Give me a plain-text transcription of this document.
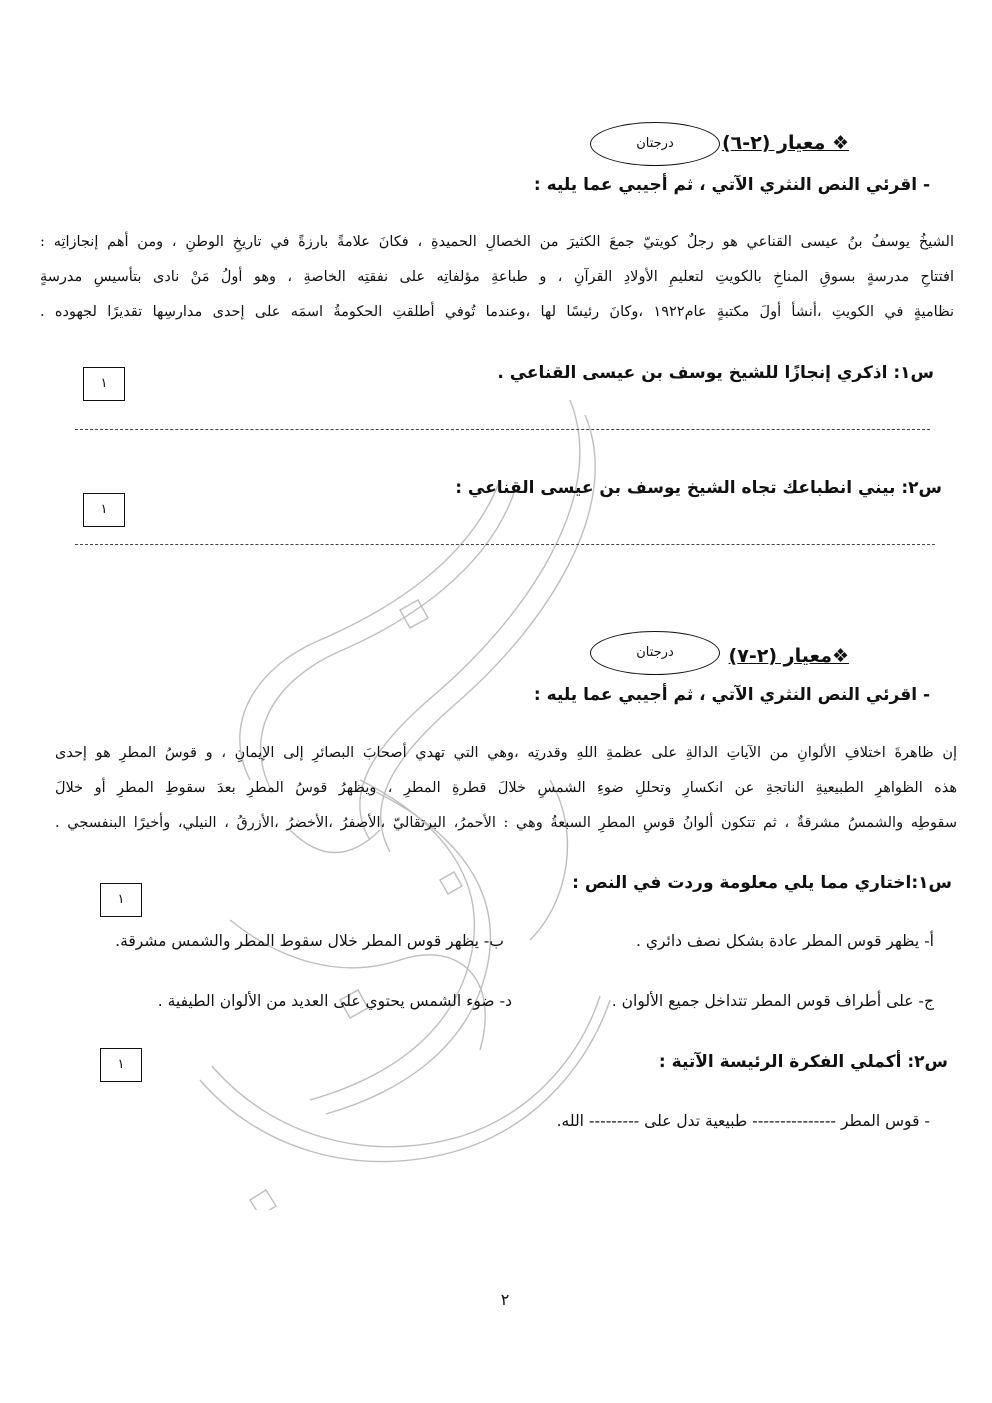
درجتان	❖ معيار (٢-٦)
- اقرئي النص النثري الآتي ، ثم أجيبي عما يليه :
الشيخُ يوسفُ بنُ عيسى القناعي هو رجلٌ كويتيّ جمعَ الكثيرَ من الخصالِ الحميدةِ ، فكانَ علامةً بارزةً في تاريخِ الوطنِ ، ومن أهم إنجازاتِه :
افتتاحِ مدرسةٍ بسوقِ المناخِ بالكويتِ لتعليمِ الأولادِ القرآنِ ، و طباعةِ مؤلفاتِه على نفقتِه الخاصةِ ، وهو أولُ مَنْ نادى بتأسيسِ مدرسةٍ
نظاميةٍ في الكويتِ ،أنشأ أولَ مكتبةٍ عام١٩٢٢ ،وكانَ رئيسًا لها ،وعندما تُوفي أطلقتِ الحكومةُ اسمَه على إحدى مدارسِها تقديرًا لجهوده .
س١: اذكري إنجازًا للشيخ يوسف بن عيسى القناعي .
١
س٢: بيني انطباعك تجاه الشيخ يوسف بن عيسى القناعي :
١
درجتان	❖معيار (٢-٧)
- اقرئي النص النثري الآتي ، ثم أجيبي عما يليه :
إن ظاهرةَ اختلافِ الألوانِ من الآياتِ الدالةِ على عظمةِ اللهِ وقدرتِه ،وهي التي تهدي أصحابَ البصائرِ إلى الإيمانِ ، و قوسُ المطرِ هو إحدى
هذه الظواهرِ الطبيعيةِ الناتجةِ عن انكسارِ وتحللِ ضوءِ الشمسِ خلالَ قطرةِ المطرِ ، ويظهرُ قوسُ المطرِ بعدَ سقوطِ المطرِ أو خلالَ
سقوطِه والشمسُ مشرقةٌ ، ثم تتكون ألوانُ قوسِ المطرِ السبعةُ وهي : الأحمرُ، البرتقاليّ ،الأصفرُ ،الأخضرُ ،الأزرقُ ، النيلي، وأخيرًا البنفسجي .
س١:اختاري مما يلي معلومة وردت في النص :
١
أ- يظهر قوس المطر عادة بشكل نصف دائري .
ب- يظهر قوس المطر خلال سقوط المطر والشمس مشرقة.
ج- على أطراف قوس المطر تتداخل جميع الألوان .
د- ضوء الشمس يحتوي على العديد من الألوان الطيفية .
س٢: أكملي الفكرة الرئيسة الآتية :
١
- قوس المطر --------------- طبيعية تدل على --------- الله.
٢
